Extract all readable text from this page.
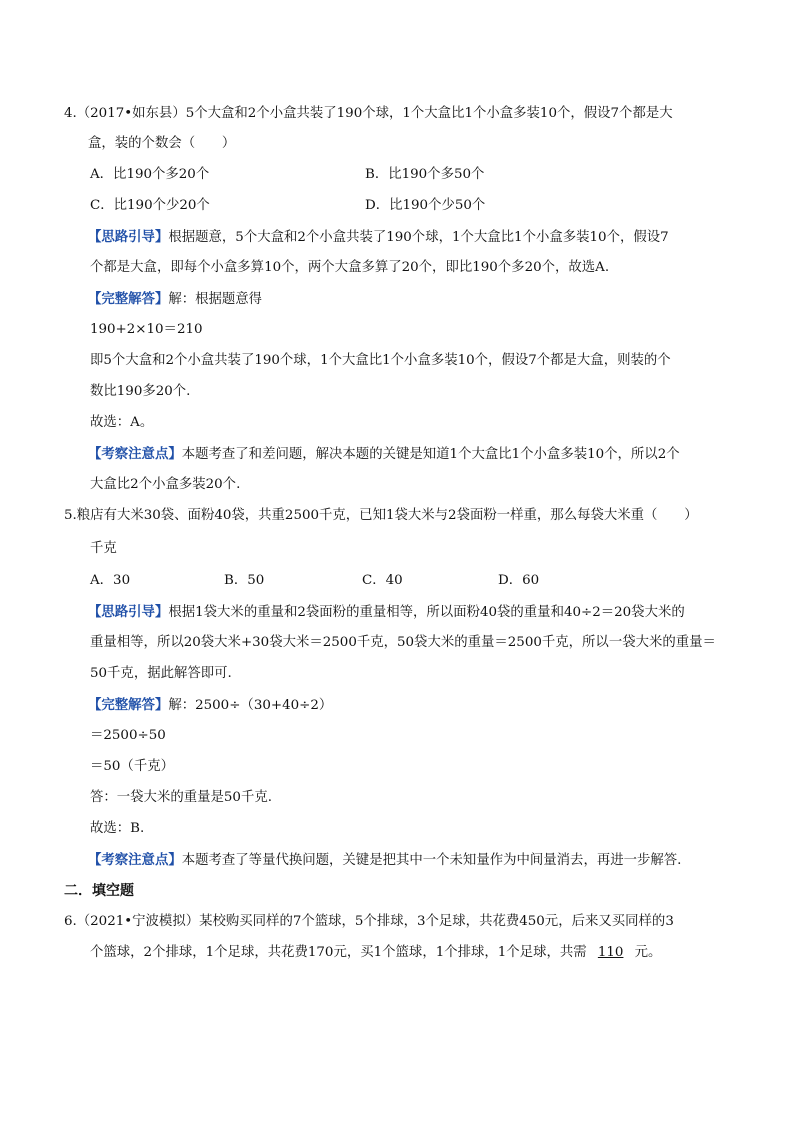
4.（2017•如东县）5个大盒和2个小盒共装了190个球，1个大盒比1个小盒多装10个，假设7个都是大
盒，装的个数会（　　）
A．比190个多20个	B．比190个多50个
C．比190个少20个	D．比190个少50个
【思路引导】根据题意，5个大盒和2个小盒共装了190个球，1个大盒比1个小盒多装10个，假设7
个都是大盒，即每个小盒多算10个，两个大盒多算了20个，即比190个多20个，故选A.
【完整解答】解：根据题意得
190+2×10＝210
即5个大盒和2个小盒共装了190个球，1个大盒比1个小盒多装10个，假设7个都是大盒，则装的个
数比190多20个.
故选：A。
【考察注意点】本题考查了和差问题，解决本题的关键是知道1个大盒比1个小盒多装10个，所以2个
大盒比2个小盒多装20个.
5.粮店有大米30袋、面粉40袋，共重2500千克，已知1袋大米与2袋面粉一样重，那么每袋大米重（　　）
千克
A．30	B．50	C．40	D．60
【思路引导】根据1袋大米的重量和2袋面粉的重量相等，所以面粉40袋的重量和40÷2＝20袋大米的
重量相等，所以20袋大米+30袋大米＝2500千克，50袋大米的重量＝2500千克，所以一袋大米的重量＝
50千克，据此解答即可.
【完整解答】解：2500÷（30+40÷2）
＝2500÷50
＝50（千克）
答：一袋大米的重量是50千克.
故选：B.
【考察注意点】本题考查了等量代换问题，关键是把其中一个未知量作为中间量消去，再进一步解答.
二．填空题
6.（2021•宁波模拟）某校购买同样的7个篮球，5个排球，3个足球，共花费450元，后来又买同样的3
个篮球，2个排球，1个足球，共花费170元，买1个篮球，1个排球，1个足球，共需 110 元。
